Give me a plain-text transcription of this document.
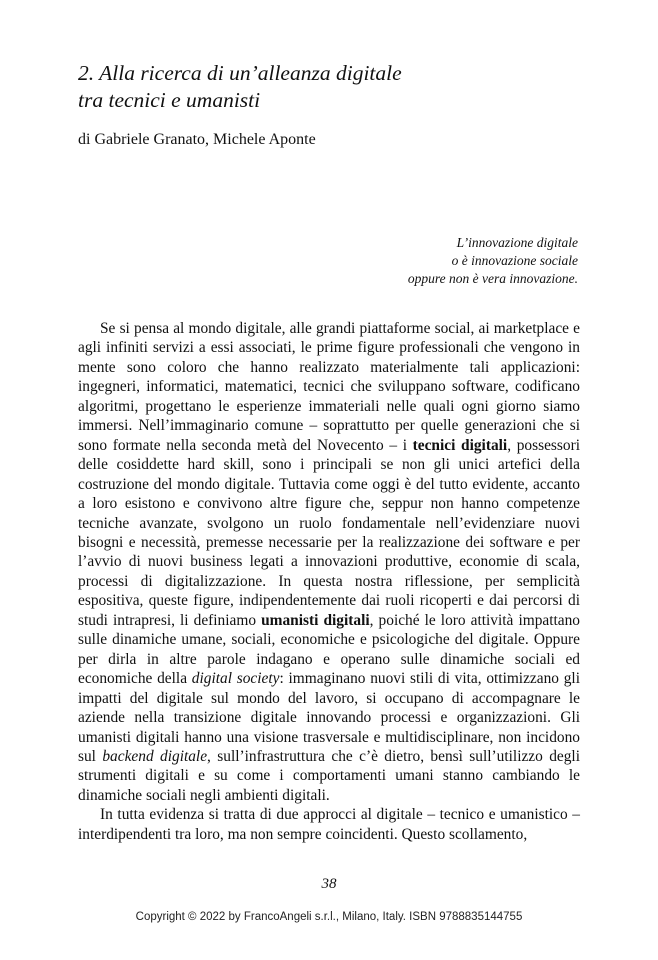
2. Alla ricerca di un’alleanza digitale
tra tecnici e umanisti
di Gabriele Granato, Michele Aponte
L’innovazione digitale
o è innovazione sociale
oppure non è vera innovazione.

Se si pensa al mondo digitale, alle grandi piattaforme social, ai marketplace e agli infiniti servizi a essi associati, le prime figure professionali che vengono in mente sono coloro che hanno realizzato materialmente tali applicazioni: ingegneri, informatici, matematici, tecnici che sviluppano software, codificano algoritmi, progettano le esperienze immateriali nelle quali ogni giorno siamo immersi. Nell’immaginario comune – soprattutto per quelle generazioni che si sono formate nella seconda metà del Novecento – i tecnici digitali, possessori delle cosiddette hard skill, sono i principali se non gli unici artefici della costruzione del mondo digitale. Tuttavia come oggi è del tutto evidente, accanto a loro esistono e convivono altre figure che, seppur non hanno competenze tecniche avanzate, svolgono un ruolo fondamentale nell’evidenziare nuovi bisogni e necessità, premesse necessarie per la realizzazione dei software e per l’avvio di nuovi business legati a innovazioni produttive, economie di scala, processi di digitalizzazione. In questa nostra riflessione, per semplicità espositiva, queste figure, indipendentemente dai ruoli ricoperti e dai percorsi di studi intrapresi, li definiamo umanisti digitali, poiché le loro attività impattano sulle dinamiche umane, sociali, economiche e psicologiche del digitale. Oppure per dirla in altre parole indagano e operano sulle dinamiche sociali ed economiche della digital society: immaginano nuovi stili di vita, ottimizzano gli impatti del digitale sul mondo del lavoro, si occupano di accompagnare le aziende nella transizione digitale innovando processi e organizzazioni. Gli umanisti digitali hanno una visione trasversale e multidisciplinare, non incidono sul backend digitale, sull’infrastruttura che c’è dietro, bensì sull’utilizzo degli strumenti digitali e su come i comportamenti umani stanno cambiando le dinamiche sociali negli ambienti digitali.

In tutta evidenza si tratta di due approcci al digitale – tecnico e umanistico – interdipendenti tra loro, ma non sempre coincidenti. Questo scollamento,

38
Copyright © 2022 by FrancoAngeli s.r.l., Milano, Italy. ISBN 9788835144755
